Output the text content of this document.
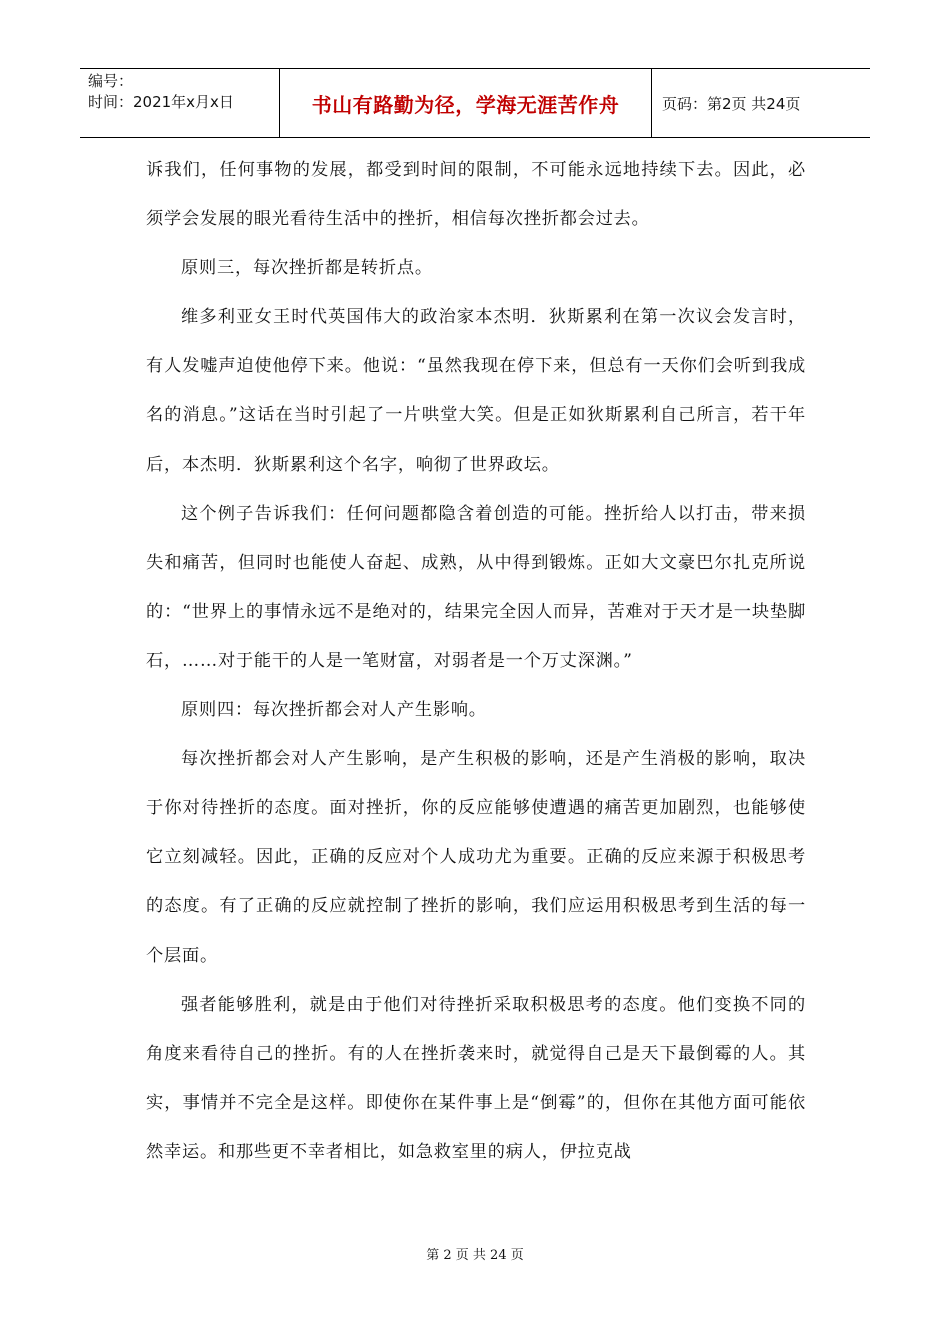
编号：
时间：2021年x月x日	书山有路勤为径，学海无涯苦作舟	页码：第2页 共24页

诉我们，任何事物的发展，都受到时间的限制，不可能永远地持续下去。因此，必须学会发展的眼光看待生活中的挫折，相信每次挫折都会过去。

原则三，每次挫折都是转折点。

维多利亚女王时代英国伟大的政治家本杰明．狄斯累利在第一次议会发言时，有人发嘘声迫使他停下来。他说：“虽然我现在停下来，但总有一天你们会听到我成名的消息。”这话在当时引起了一片哄堂大笑。但是正如狄斯累利自己所言，若干年后，本杰明．狄斯累利这个名字，响彻了世界政坛。

这个例子告诉我们：任何问题都隐含着创造的可能。挫折给人以打击，带来损失和痛苦，但同时也能使人奋起、成熟，从中得到锻炼。正如大文豪巴尔扎克所说的：“世界上的事情永远不是绝对的，结果完全因人而异，苦难对于天才是一块垫脚石，……对于能干的人是一笔财富，对弱者是一个万丈深渊。”

原则四：每次挫折都会对人产生影响。

每次挫折都会对人产生影响，是产生积极的影响，还是产生消极的影响，取决于你对待挫折的态度。面对挫折，你的反应能够使遭遇的痛苦更加剧烈，也能够使它立刻减轻。因此，正确的反应对个人成功尤为重要。正确的反应来源于积极思考的态度。有了正确的反应就控制了挫折的影响，我们应运用积极思考到生活的每一个层面。

强者能够胜利，就是由于他们对待挫折采取积极思考的态度。他们变换不同的角度来看待自己的挫折。有的人在挫折袭来时，就觉得自己是天下最倒霉的人。其实，事情并不完全是这样。即使你在某件事上是“倒霉”的，但你在其他方面可能依然幸运。和那些更不幸者相比，如急救室里的病人，伊拉克战

第 2 页 共 24 页
